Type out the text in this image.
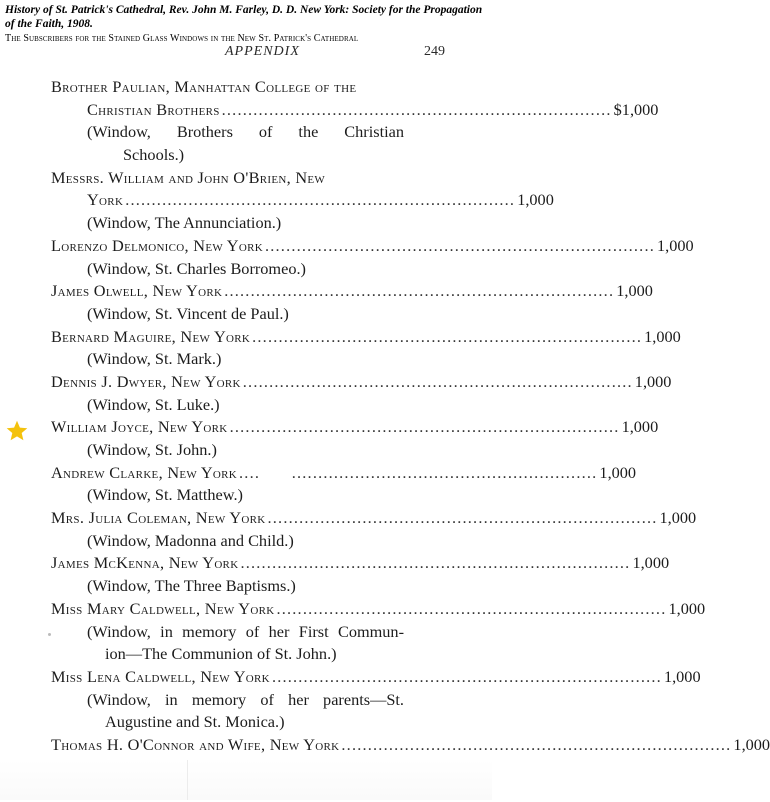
History of St. Patrick's Cathedral, Rev. John M. Farley, D. D. New York: Society for the Propagation of the Faith, 1908.
The Subscribers for the Stained Glass Windows in the New St. Patrick's Cathedral
APPENDIX	249
Brother Paulian, Manhattan College of the
Christian Brothers .......................................................................... $1,000
(Window, Brothers of the Christian
Schools.)
Messrs. William and John O'Brien, New
York .......................................................................... 1,000
(Window, The Annunciation.)
Lorenzo Delmonico, New York .......................................................................... 1,000
(Window, St. Charles Borromeo.)
James Olwell, New York .......................................................................... 1,000
(Window, St. Vincent de Paul.)
Bernard Maguire, New York .......................................................................... 1,000
(Window, St. Mark.)
Dennis J. Dwyer, New York .......................................................................... 1,000
(Window, St. Luke.)
William Joyce, New York .......................................................................... 1,000
(Window, St. John.)
Andrew Clarke, New York ....      .......................................................... 1,000
(Window, St. Matthew.)
Mrs. Julia Coleman, New York .......................................................................... 1,000
(Window, Madonna and Child.)
James McKenna, New York .......................................................................... 1,000
(Window, The Three Baptisms.)
Miss Mary Caldwell, New York .......................................................................... 1,000
(Window, in memory of her First Commun-
ion—The Communion of St. John.)
Miss Lena Caldwell, New York .......................................................................... 1,000
(Window, in memory of her parents—St.
Augustine and St. Monica.)
Thomas H. O'Connor and Wife, New York .......................................................................... 1,000
